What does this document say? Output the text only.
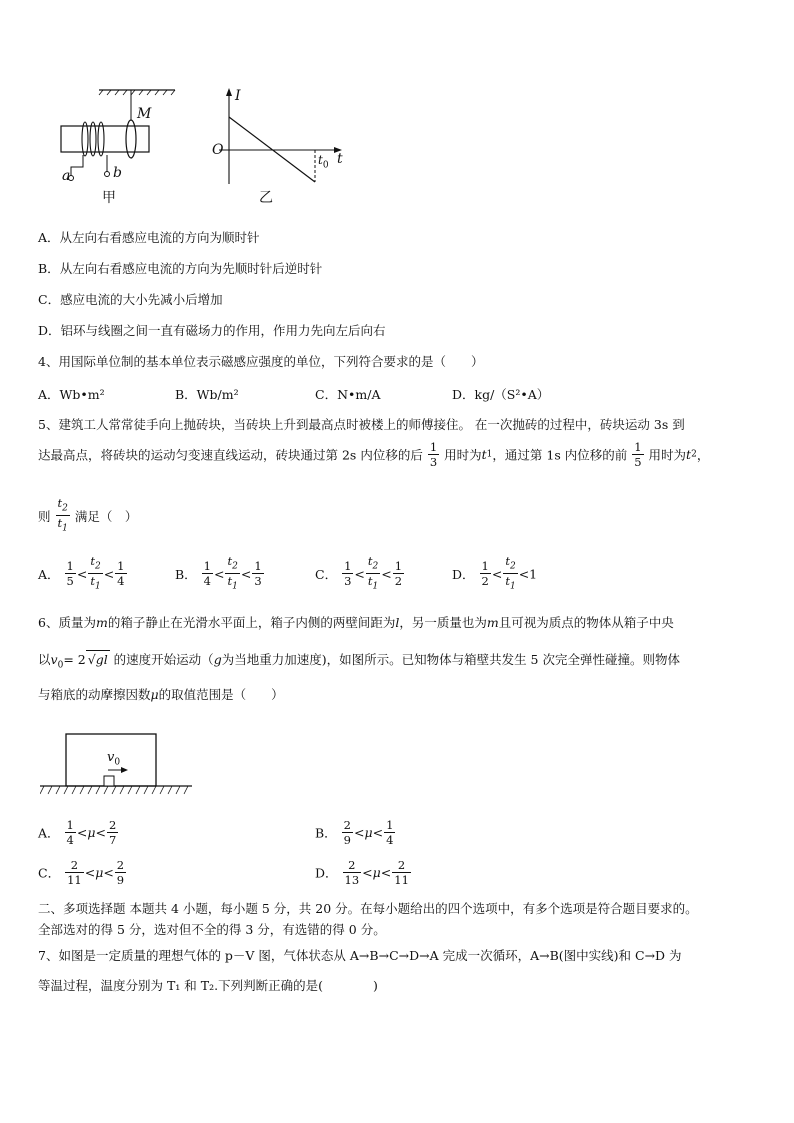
M
a	b
甲
I
O
$t_0$ t
乙
A．从左向右看感应电流的方向为顺时针
B．从左向右看感应电流的方向为先顺时针后逆时针
C．感应电流的大小先减小后增加
D．铝环与线圈之间一直有磁场力的作用，作用力先向左后向右
4、用国际单位制的基本单位表示磁感应强度的单位，下列符合要求的是（　　）
A．Wb•m²	B．Wb/m²	C．N•m/A	D．kg/（S²•A）
5、建筑工人常常徒手向上抛砖块，当砖块上升到最高点时被楼上的师傅接住。 在一次抛砖的过程中，砖块运动 3s 到
达最高点，将砖块的运动匀变速直线运动，砖块通过第 2s 内位移的后 $\frac{1}{3}$ 用时为t1，通过第 1s 内位移的前 $\frac{1}{5}$ 用时为t2，
则 $\frac{t_2}{t_1}$ 满足（　）
A． $\frac{1}{5} < \frac{t_2}{t_1} < \frac{1}{4}$	B． $\frac{1}{4} < \frac{t_2}{t_1} < \frac{1}{3}$	C． $\frac{1}{3} < \frac{t_2}{t_1} < \frac{1}{2}$	D． $\frac{1}{2} < \frac{t_2}{t_1} <1$
6、质量为m的箱子静止在光滑水平面上，箱子内侧的两壁间距为l，另一质量也为m且可视为质点的物体从箱子中央
以$v_0= 2$ √gl 的速度开始运动（g为当地重力加速度)，如图所示。已知物体与箱壁共发生 5 次完全弹性碰撞。则物体
与箱底的动摩擦因数μ的取值范围是（　　）
$v_0$
A． $\frac{1}{4} <\mu< \frac{2}{7}$	B． $\frac{2}{9} <\mu< \frac{1}{4}$
C． $\frac{2}{11} <\mu< \frac{2}{9}$	D． $\frac{2}{13} <\mu< \frac{2}{11}$
二、多项选择题 本题共 4 小题，每小题 5 分，共 20 分。在每小题给出的四个选项中，有多个选项是符合题目要求的。
全部选对的得 5 分，选对但不全的得 3 分，有选错的得 0 分。
7、如图是一定质量的理想气体的 p－V 图，气体状态从 A→B→C→D→A 完成一次循环，A→B(图中实线)和 C→D 为
等温过程，温度分别为 T₁ 和 T₂.下列判断正确的是(　　　　)
